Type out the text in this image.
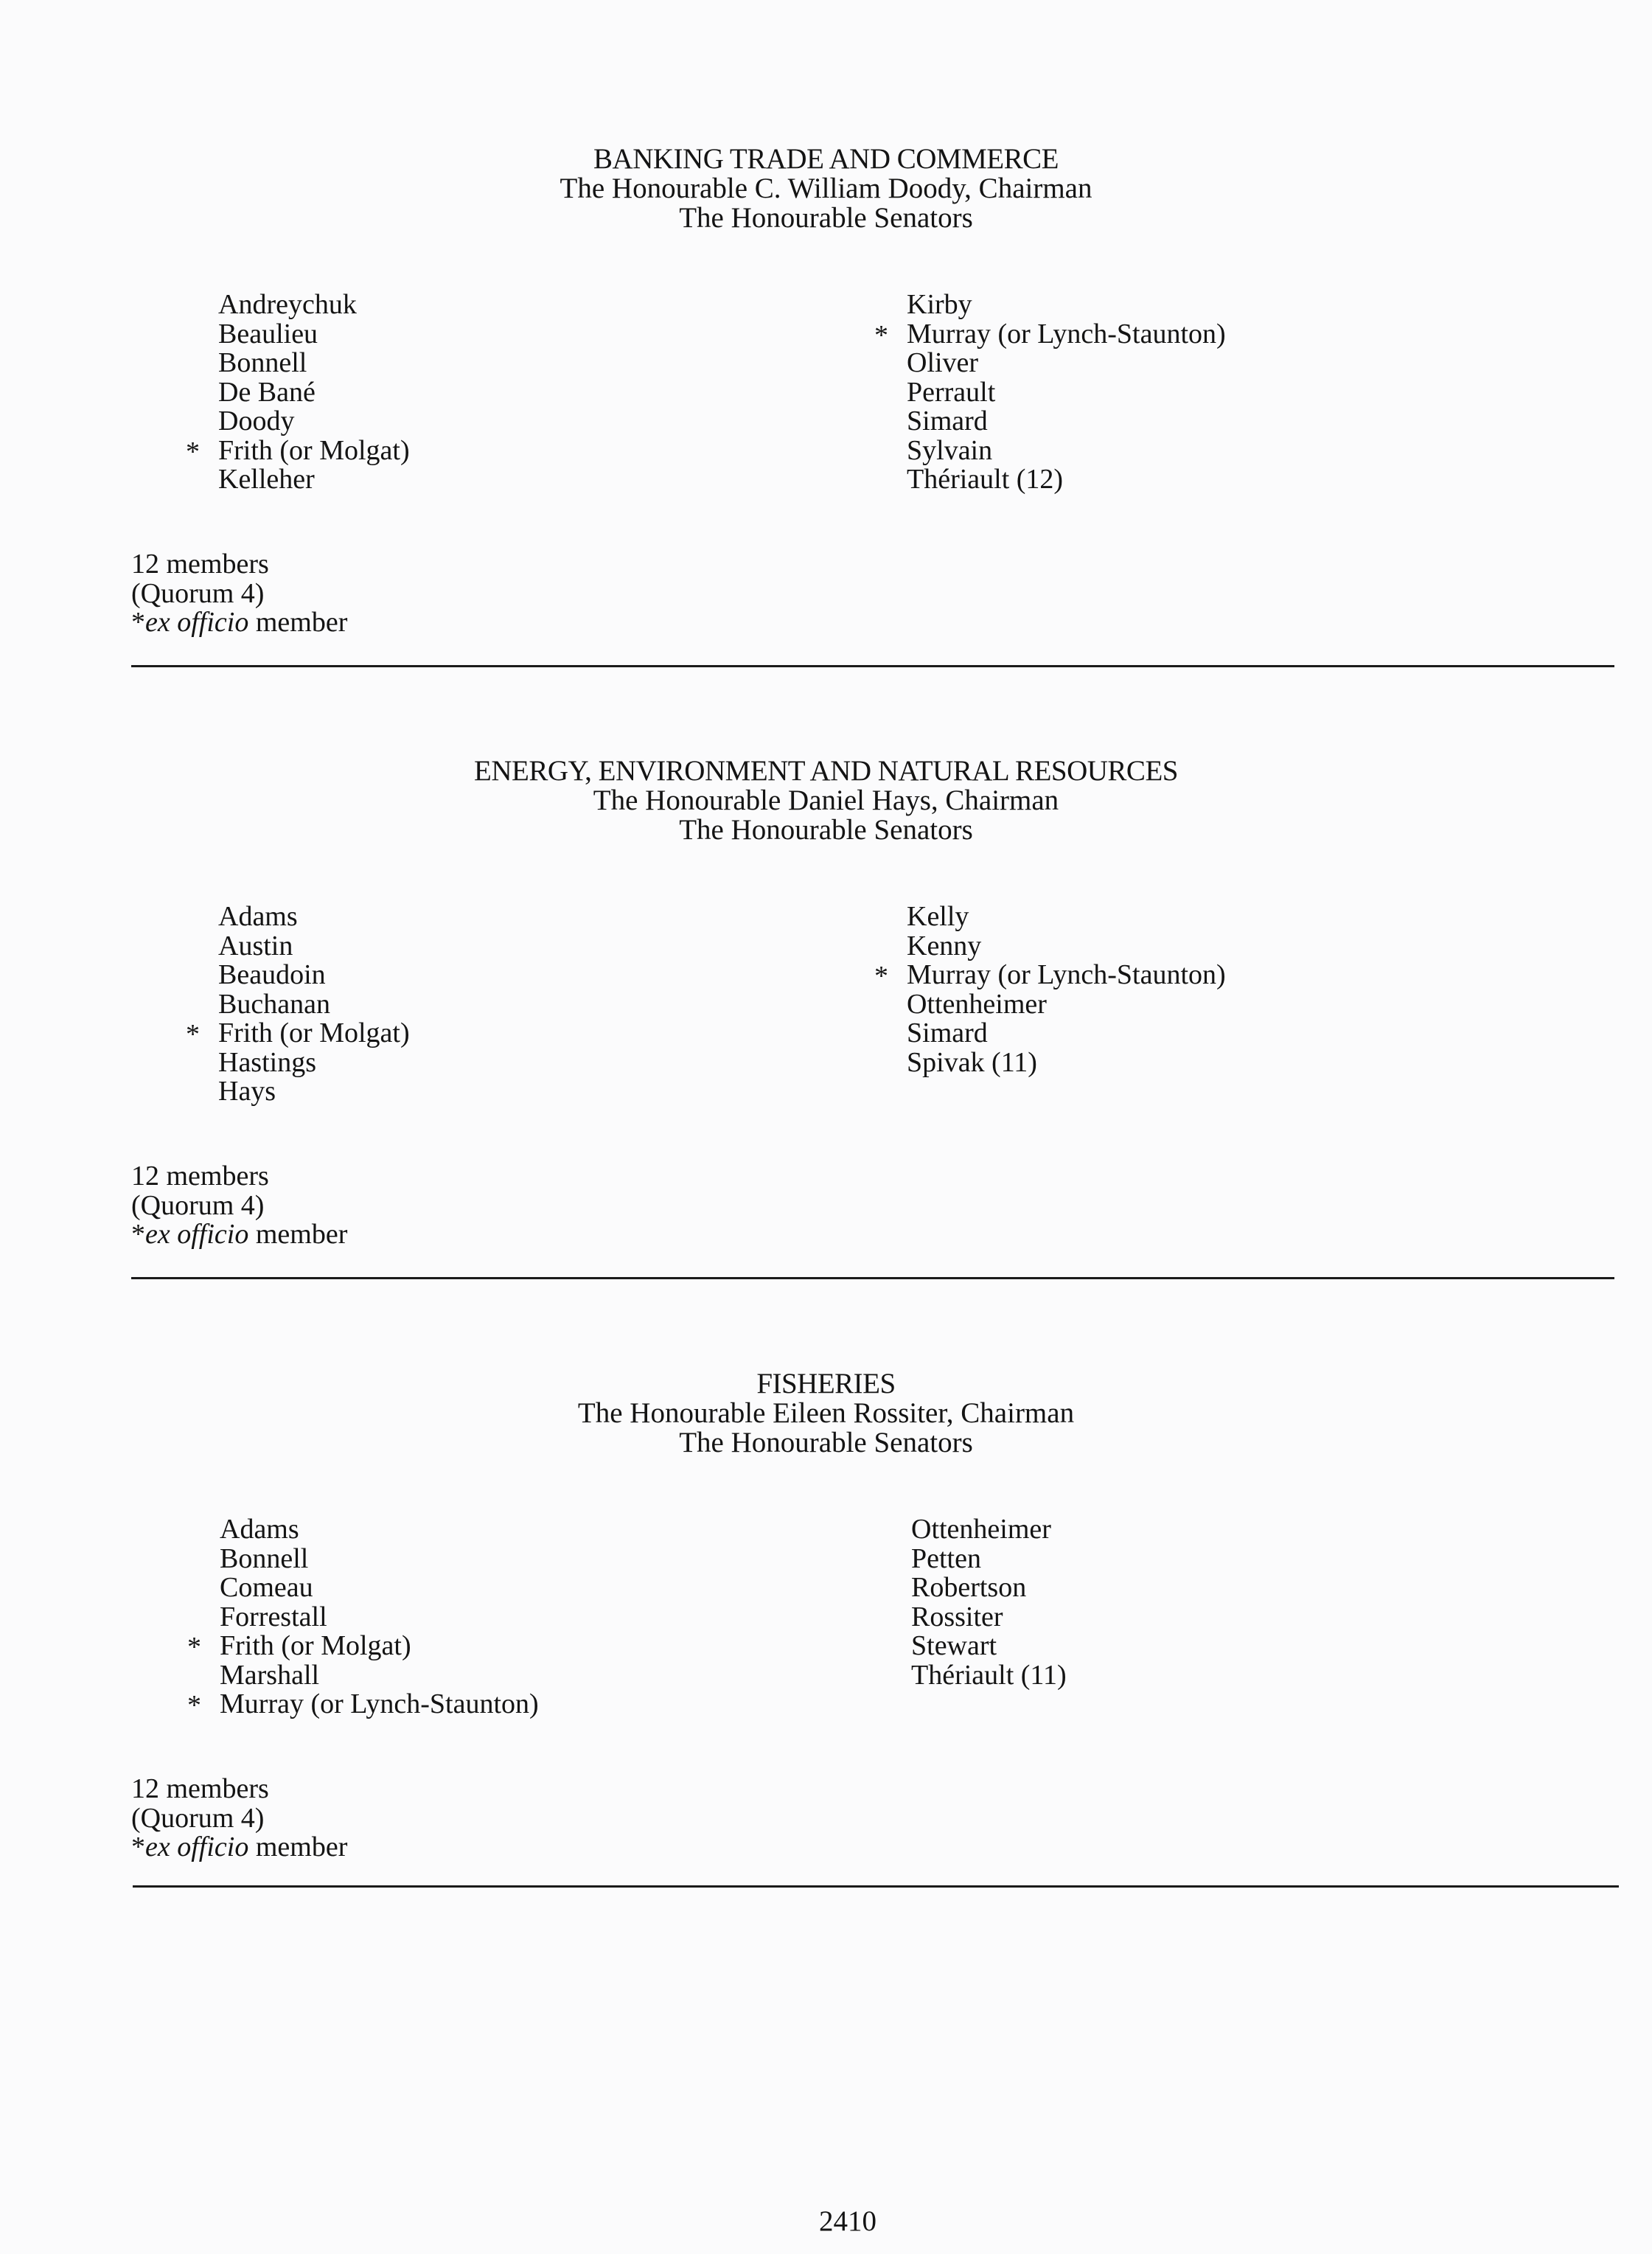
BANKING TRADE AND COMMERCE
The Honourable C. William Doody, Chairman
The Honourable Senators
Andreychuk
Beaulieu
Bonnell
De Bané
Doody
* Frith (or Molgat)
Kelleher
Kirby
* Murray (or Lynch-Staunton)
Oliver
Perrault
Simard
Sylvain
Thériault (12)
12 members
(Quorum 4)
*ex officio member
ENERGY, ENVIRONMENT AND NATURAL RESOURCES
The Honourable Daniel Hays, Chairman
The Honourable Senators
Adams
Austin
Beaudoin
Buchanan
* Frith (or Molgat)
Hastings
Hays
Kelly
Kenny
* Murray (or Lynch-Staunton)
Ottenheimer
Simard
Spivak (11)
12 members
(Quorum 4)
*ex officio member
FISHERIES
The Honourable Eileen Rossiter, Chairman
The Honourable Senators
Adams
Bonnell
Comeau
Forrestall
* Frith (or Molgat)
Marshall
* Murray (or Lynch-Staunton)
Ottenheimer
Petten
Robertson
Rossiter
Stewart
Thériault (11)
12 members
(Quorum 4)
*ex officio member
2410
